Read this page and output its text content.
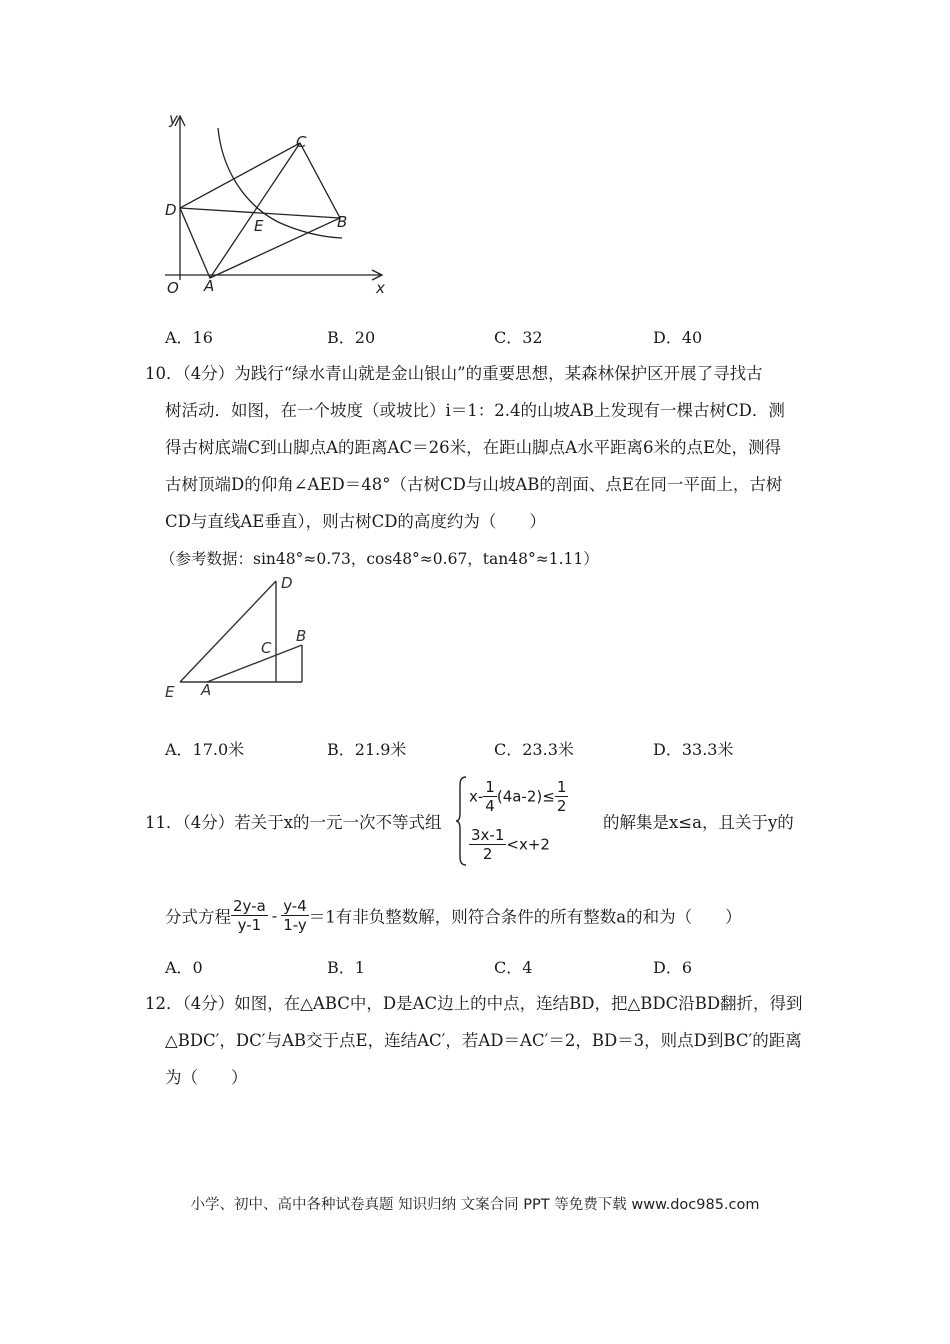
y
x
O A
B
C
D
E
A．16	B．20	C．32	D．40
10．（4分）为践行“绿水青山就是金山银山”的重要思想，某森林保护区开展了寻找古
树活动．如图，在一个坡度（或坡比）i＝1：2.4的山坡AB上发现有一棵古树CD．测
得古树底端C到山脚点A的距离AC＝26米，在距山脚点A水平距离6米的点E处，测得
古树顶端D的仰角∠AED＝48°（古树CD与山坡AB的剖面、点E在同一平面上，古树
CD与直线AE垂直），则古树CD的高度约为（　　）
（参考数据：sin48°≈0.73，cos48°≈0.67，tan48°≈1.11）
D
C
B
E A
A．17.0米	B．21.9米	C．23.3米	D．33.3米
11．（4分）若关于x的一元一次不等式组
$x- \frac{1}{4} (4a-2)\le \frac{1}{2}$
$\frac{3x-1}{2} <x+2$
的解集是x≤a，且关于y的
分式方程 $\frac{2y-a}{y-1} - \frac{y-4}{1-y} =1$有非负整数解，则符合条件的所有整数a的和为（　　）
A．0	B．1	C．4	D．6
12．（4分）如图，在△ABC中，D是AC边上的中点，连结BD，把△BDC沿BD翻折，得到
△BDC′，DC′与AB交于点E，连结AC′，若AD＝AC′＝2，BD＝3，则点D到BC′的距离
为（　　）
小学、初中、高中各种试卷真题 知识归纳 文案合同 PPT 等免费下载 www.doc985.com
